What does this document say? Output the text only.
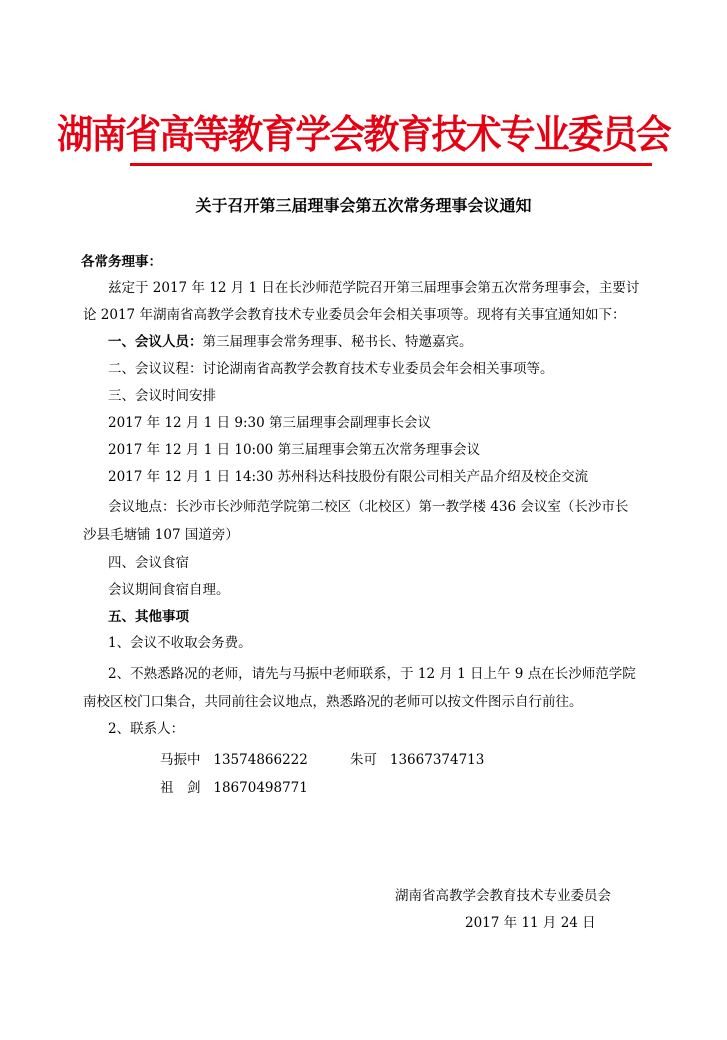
湖南省高等教育学会教育技术专业委员会
关于召开第三届理事会第五次常务理事会议通知
各常务理事：
兹定于 2017 年 12 月 1 日在长沙师范学院召开第三届理事会第五次常务理事会，主要讨
论 2017 年湖南省高教学会教育技术专业委员会年会相关事项等。现将有关事宜通知如下：
一、会议人员：第三届理事会常务理事、秘书长、特邀嘉宾。
二、会议议程：讨论湖南省高教学会教育技术专业委员会年会相关事项等。
三、会议时间安排
2017 年 12 月 1 日 9:30 第三届理事会副理事长会议
2017 年 12 月 1 日 10:00 第三届理事会第五次常务理事会议
2017 年 12 月 1 日 14:30 苏州科达科技股份有限公司相关产品介绍及校企交流
会议地点：长沙市长沙师范学院第二校区（北校区）第一教学楼 436 会议室（长沙市长
沙县毛塘铺 107 国道旁）
四、会议食宿
会议期间食宿自理。
五、其他事项
1、会议不收取会务费。
2、不熟悉路况的老师，请先与马振中老师联系，于 12 月 1 日上午 9 点在长沙师范学院
南校区校门口集合，共同前往会议地点，熟悉路况的老师可以按文件图示自行前往。
2、联系人：
马振中 13574866222	朱可 13667374713
祖　剑 18670498771
湖南省高教学会教育技术专业委员会
2017 年 11 月 24 日
